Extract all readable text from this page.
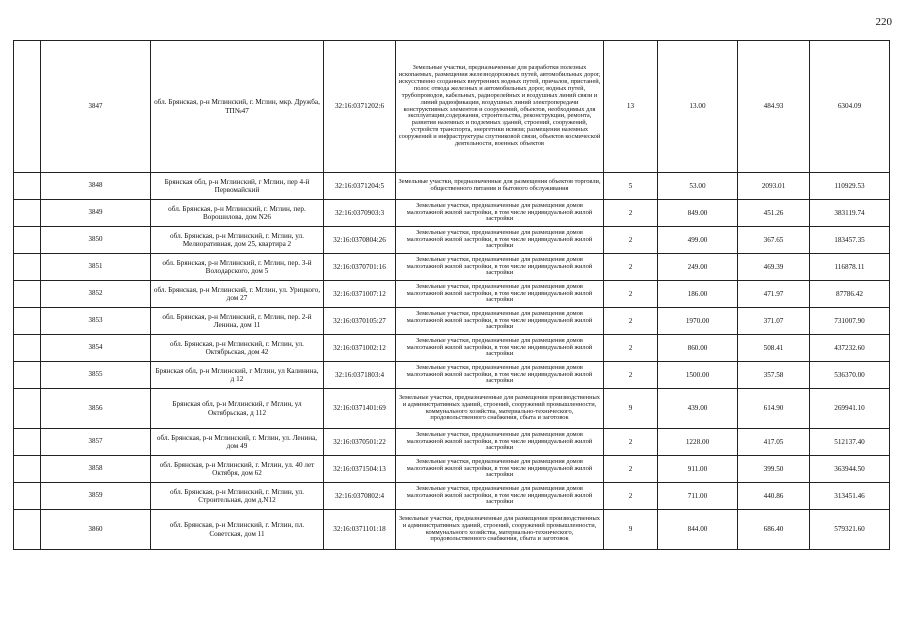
220
	3847	обл. Брянская, р-н Мглинский, г. Мглин, мкр. Дружба, ТП№47	32:16:0371202:6	Земельные участки, предназначенные для разработки полезных ископаемых, размещения железнодорожных путей, автомобильных дорог, искусственно созданных внутренних водных путей, причалов, пристаней, полос отвода железных и автомобильных дорог, водных путей, трубопроводов, кабельных, радиорелейных и воздушных линий связи и линий радиофикации, воздушных линий электропередачи конструктивных элементов и сооружений, объектов, необходимых для эксплуатации,содержания, строительства, реконструкции, ремонта, развития наземных и подземных зданий, строений, сооружений, устройств транспорта, энергетики исвязи; размещения наземных сооружений и инфраструктуры спутниковой связи, объектов космической деятельности, военных объектов	13	13.00	484.93	6304.09
	3848	Брянская обл, р-н Мглинский, г Мглин, пер 4-й Первомайский	32:16:0371204:5	Земельные участки, предназначенные для размещения объектов торговли, общественного питания и бытового обслуживания	5	53.00	2093.01	110929.53
	3849	обл. Брянская, р-н Мглинский, г. Мглин, пер. Ворошилова, дом N26	32:16:0370903:3	Земельные участки, предназначенные для размещения домов малоэтажной жилой застройки, в том числе индивидуальной жилой застройки	2	849.00	451.26	383119.74
	3850	обл. Брянская, р-н Мглинский, г. Мглин, ул. Мелиоративная, дом 25, квартира 2	32:16:0370804:26	Земельные участки, предназначенные для размещения домов малоэтажной жилой застройки, в том числе индивидуальной жилой застройки	2	499.00	367.65	183457.35
	3851	обл. Брянская, р-н Мглинский, г. Мглин, пер. 3-й Володарского, дом 5	32:16:0370701:16	Земельные участки, предназначенные для размещения домов малоэтажной жилой застройки, в том числе индивидуальной жилой застройки	2	249.00	469.39	116878.11
	3852	обл. Брянская, р-н Мглинский, г. Мглин, ул. Урицкого, дом 27	32:16:0371007:12	Земельные участки, предназначенные для размещения домов малоэтажной жилой застройки, в том числе индивидуальной жилой застройки	2	186.00	471.97	87786.42
	3853	обл. Брянская, р-н Мглинский, г. Мглин, пер. 2-й Ленина, дом 11	32:16:0370105:27	Земельные участки, предназначенные для размещения домов малоэтажной жилой застройки, в том числе индивидуальной жилой застройки	2	1970.00	371.07	731007.90
	3854	обл. Брянская, р-н Мглинский, г. Мглин, ул. Октябрьская, дом 42	32:16:0371002:12	Земельные участки, предназначенные для размещения домов малоэтажной жилой застройки, в том числе индивидуальной жилой застройки	2	860.00	508.41	437232.60
	3855	Брянская обл, р-н Мглинский, г Мглин, ул Калинина, д 12	32:16:0371803:4	Земельные участки, предназначенные для размещения домов малоэтажной жилой застройки, в том числе индивидуальной жилой застройки	2	1500.00	357.58	536370.00
	3856	Брянская обл, р-н Мглинский, г Мглин, ул Октябрьская, д 112	32:16:0371401:69	Земельные участки, предназначенные для размещения производственных и административных зданий, строений, сооружений промышленности, коммунального хозяйства, материально-технического, продовольственного снабжения, сбыта и заготовок	9	439.00	614.90	269941.10
	3857	обл. Брянская, р-н Мглинский, г. Мглин, ул. Ленина, дом 49	32:16:0370501:22	Земельные участки, предназначенные для размещения домов малоэтажной жилой застройки, в том числе индивидуальной жилой застройки	2	1228.00	417.05	512137.40
	3858	обл. Брянская, р-н Мглинский, г. Мглин, ул. 40 лет Октября, дом 62	32:16:0371504:13	Земельные участки, предназначенные для размещения домов малоэтажной жилой застройки, в том числе индивидуальной жилой застройки	2	911.00	399.50	363944.50
	3859	обл. Брянская, р-н Мглинский, г. Мглин, ул. Строительная, дом д.N12	32:16:0370802:4	Земельные участки, предназначенные для размещения домов малоэтажной жилой застройки, в том числе индивидуальной жилой застройки	2	711.00	440.86	313451.46
	3860	обл. Брянская, р-н Мглинский, г. Мглин, пл. Советская, дом 11	32:16:0371101:18	Земельные участки, предназначенные для размещения производственных и административных зданий, строений, сооружений промышленности, коммунального хозяйства, материально-технического, продовольственного снабжения, сбыта и заготовок	9	844.00	686.40	579321.60
